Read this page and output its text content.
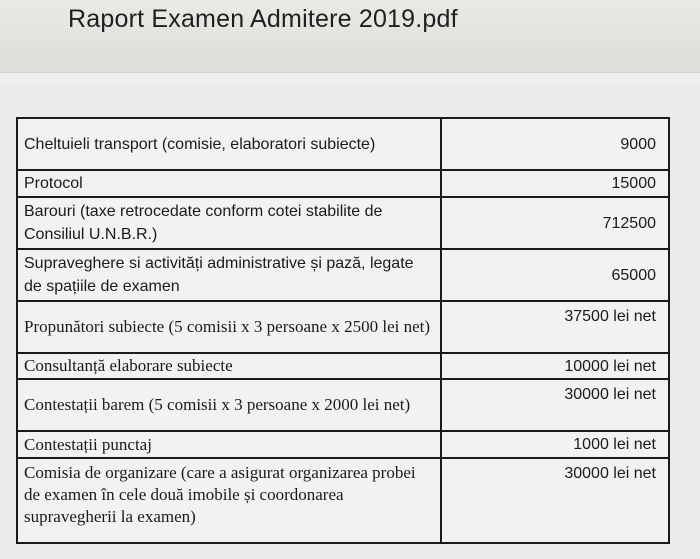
Raport Examen Admitere 2019.pdf
Cheltuieli transport (comisie, elaboratori subiecte)	9000
Protocol	15000
Barouri (taxe retrocedate conform cotei stabilite de Consiliul U.N.B.R.)	712500
Supraveghere si activități administrative și pază, legate de spațiile de examen	65000
Propunători subiecte (5 comisii x 3 persoane x 2500 lei net)	37500 lei net
Consultanță elaborare subiecte	10000 lei net
Contestații barem (5 comisii x 3 persoane x 2000 lei net)	30000 lei net
Contestații punctaj	1000 lei net

Comisia de organizare (care a asigurat organizarea probei de examen în cele două imobile și coordonarea supravegherii la examen)	30000 lei net
